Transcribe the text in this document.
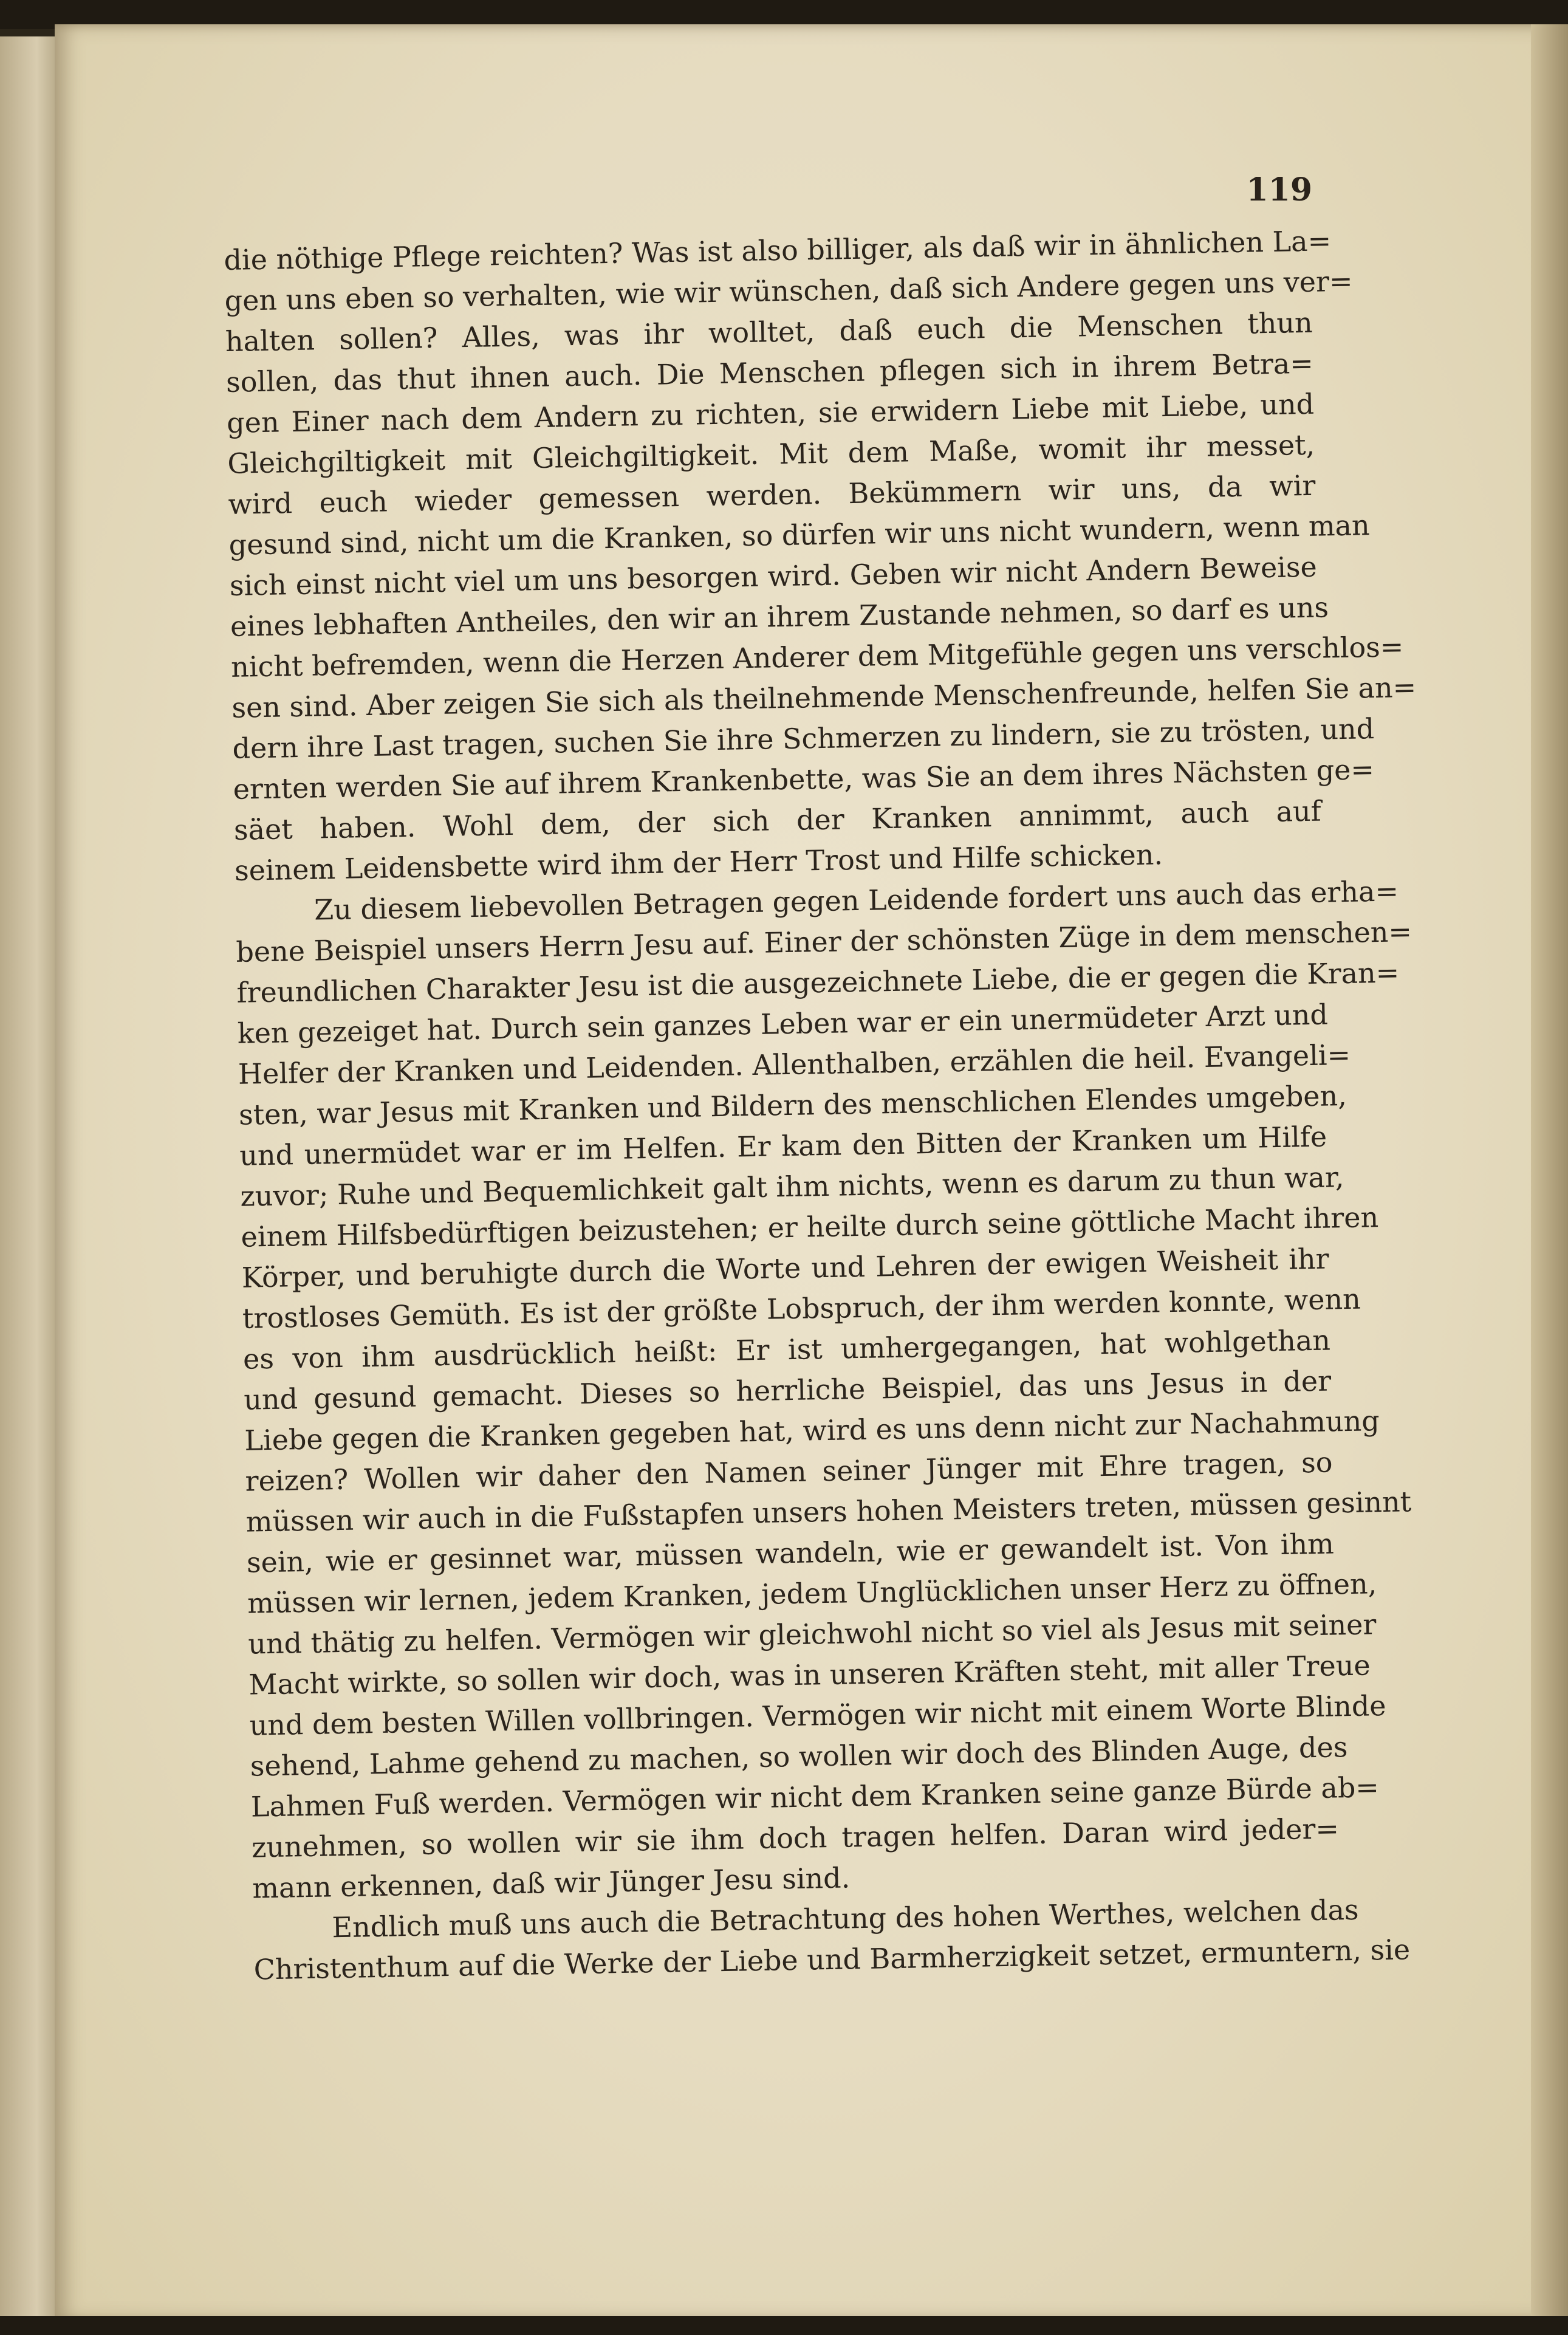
119
die nöthige Pflege reichten? Was ist also billiger, als daß wir in ähnlichen La=
gen uns eben so verhalten, wie wir wünschen, daß sich Andere gegen uns ver=
halten sollen? Alles, was ihr wolltet, daß euch die Menschen thun
sollen, das thut ihnen auch. Die Menschen pflegen sich in ihrem Betra=
gen Einer nach dem Andern zu richten, sie erwidern Liebe mit Liebe, und
Gleichgiltigkeit mit Gleichgiltigkeit. Mit dem Maße, womit ihr messet,
wird euch wieder gemessen werden. Bekümmern wir uns, da wir
gesund sind, nicht um die Kranken, so dürfen wir uns nicht wundern, wenn man
sich einst nicht viel um uns besorgen wird. Geben wir nicht Andern Beweise
eines lebhaften Antheiles, den wir an ihrem Zustande nehmen, so darf es uns
nicht befremden, wenn die Herzen Anderer dem Mitgefühle gegen uns verschlos=
sen sind. Aber zeigen Sie sich als theilnehmende Menschenfreunde, helfen Sie an=
dern ihre Last tragen, suchen Sie ihre Schmerzen zu lindern, sie zu trösten, und
ernten werden Sie auf ihrem Krankenbette, was Sie an dem ihres Nächsten ge=
säet haben. Wohl dem, der sich der Kranken annimmt, auch auf
seinem Leidensbette wird ihm der Herr Trost und Hilfe schicken.
Zu diesem liebevollen Betragen gegen Leidende fordert uns auch das erha=
bene Beispiel unsers Herrn Jesu auf. Einer der schönsten Züge in dem menschen=
freundlichen Charakter Jesu ist die ausgezeichnete Liebe, die er gegen die Kran=
ken gezeiget hat. Durch sein ganzes Leben war er ein unermüdeter Arzt und
Helfer der Kranken und Leidenden. Allenthalben, erzählen die heil. Evangeli=
sten, war Jesus mit Kranken und Bildern des menschlichen Elendes umgeben,
und unermüdet war er im Helfen. Er kam den Bitten der Kranken um Hilfe
zuvor; Ruhe und Bequemlichkeit galt ihm nichts, wenn es darum zu thun war,
einem Hilfsbedürftigen beizustehen; er heilte durch seine göttliche Macht ihren
Körper, und beruhigte durch die Worte und Lehren der ewigen Weisheit ihr
trostloses Gemüth. Es ist der größte Lobspruch, der ihm werden konnte, wenn
es von ihm ausdrücklich heißt: Er ist umhergegangen, hat wohlgethan
und gesund gemacht. Dieses so herrliche Beispiel, das uns Jesus in der
Liebe gegen die Kranken gegeben hat, wird es uns denn nicht zur Nachahmung
reizen? Wollen wir daher den Namen seiner Jünger mit Ehre tragen, so
müssen wir auch in die Fußstapfen unsers hohen Meisters treten, müssen gesinnt
sein, wie er gesinnet war, müssen wandeln, wie er gewandelt ist. Von ihm
müssen wir lernen, jedem Kranken, jedem Unglücklichen unser Herz zu öffnen,
und thätig zu helfen. Vermögen wir gleichwohl nicht so viel als Jesus mit seiner
Macht wirkte, so sollen wir doch, was in unseren Kräften steht, mit aller Treue
und dem besten Willen vollbringen. Vermögen wir nicht mit einem Worte Blinde
sehend, Lahme gehend zu machen, so wollen wir doch des Blinden Auge, des
Lahmen Fuß werden. Vermögen wir nicht dem Kranken seine ganze Bürde ab=
zunehmen, so wollen wir sie ihm doch tragen helfen. Daran wird jeder=
mann erkennen, daß wir Jünger Jesu sind.
Endlich muß uns auch die Betrachtung des hohen Werthes, welchen das
Christenthum auf die Werke der Liebe und Barmherzigkeit setzet, ermuntern, sie
